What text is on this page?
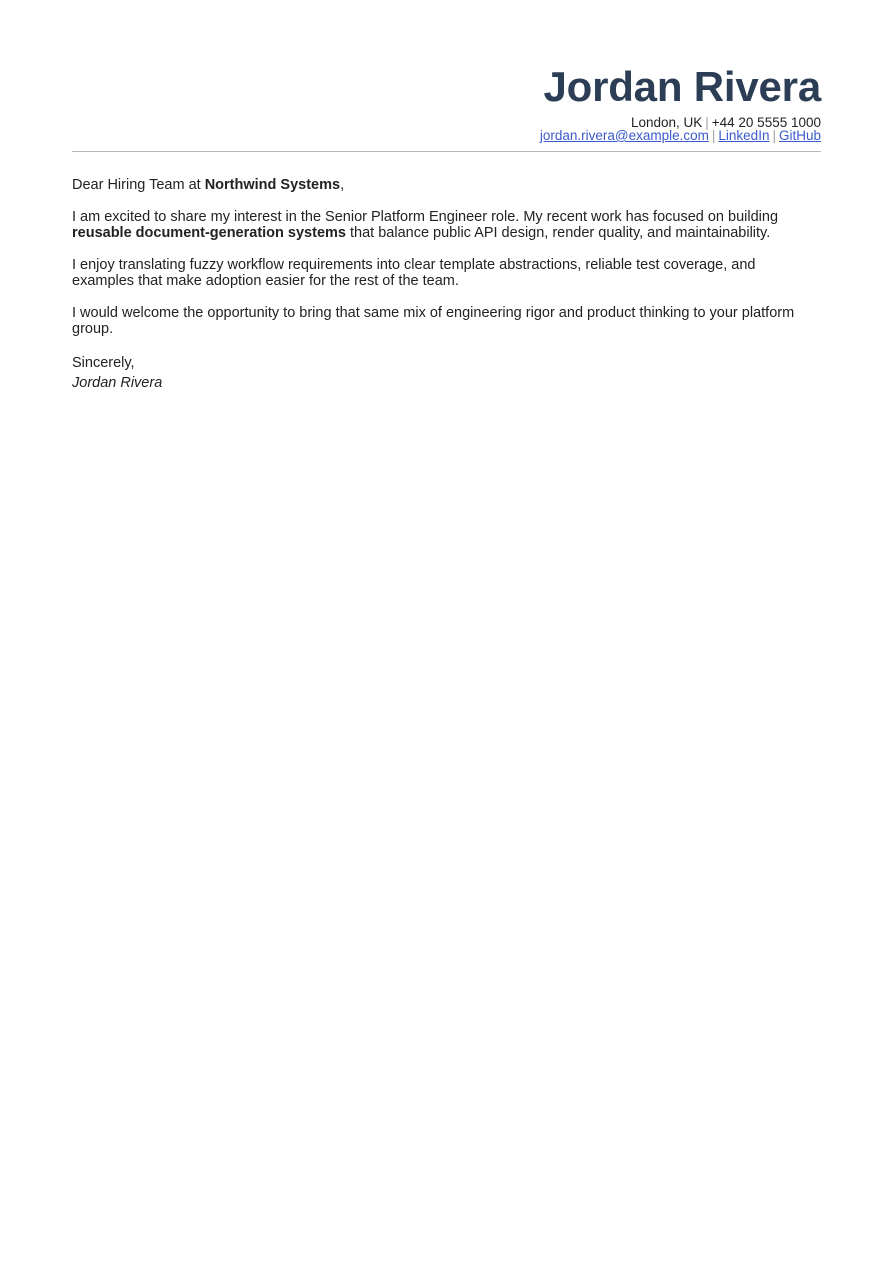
Jordan Rivera
London, UK | +44 20 5555 1000
jordan.rivera@example.com | LinkedIn | GitHub
Dear Hiring Team at Northwind Systems,
I am excited to share my interest in the Senior Platform Engineer role. My recent work has focused on building reusable document-generation systems that balance public API design, render quality, and maintainability.
I enjoy translating fuzzy workflow requirements into clear template abstractions, reliable test coverage, and examples that make adoption easier for the rest of the team.
I would welcome the opportunity to bring that same mix of engineering rigor and product thinking to your platform group.
Sincerely,
Jordan Rivera
